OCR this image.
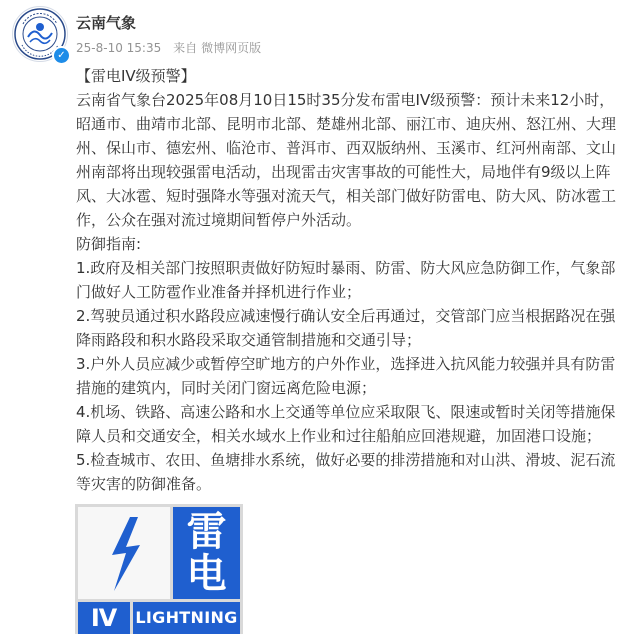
✓
云南气象
25-8-10 15:35 来自 微博网页版

【雷电IV级预警】

云南省气象台2025年08月10日15时35分发布雷电IV级预警：预计未来12小时，昭通市、曲靖市北部、昆明市北部、楚雄州北部、丽江市、迪庆州、怒江州、大理州、保山市、德宏州、临沧市、普洱市、西双版纳州、玉溪市、红河州南部、文山州南部将出现较强雷电活动，出现雷击灾害事故的可能性大，局地伴有9级以上阵风、大冰雹、短时强降水等强对流天气，相关部门做好防雷电、防大风、防冰雹工作，公众在强对流过境期间暂停户外活动。

防御指南:

1.政府及相关部门按照职责做好防短时暴雨、防雷、防大风应急防御工作，气象部门做好人工防雹作业准备并择机进行作业；

2.驾驶员通过积水路段应减速慢行确认安全后再通过，交管部门应当根据路况在强降雨路段和积水路段采取交通管制措施和交通引导；

3.户外人员应减少或暂停空旷地方的户外作业，选择进入抗风能力较强并具有防雷措施的建筑内，同时关闭门窗远离危险电源；

4.机场、铁路、高速公路和水上交通等单位应采取限飞、限速或暂时关闭等措施保障人员和交通安全，相关水域水上作业和过往船舶应回港规避，加固港口设施；

5.检查城市、农田、鱼塘排水系统，做好必要的排涝措施和对山洪、滑坡、泥石流等灾害的防御准备。

雷
电
Ⅳ	LIGHTNING
